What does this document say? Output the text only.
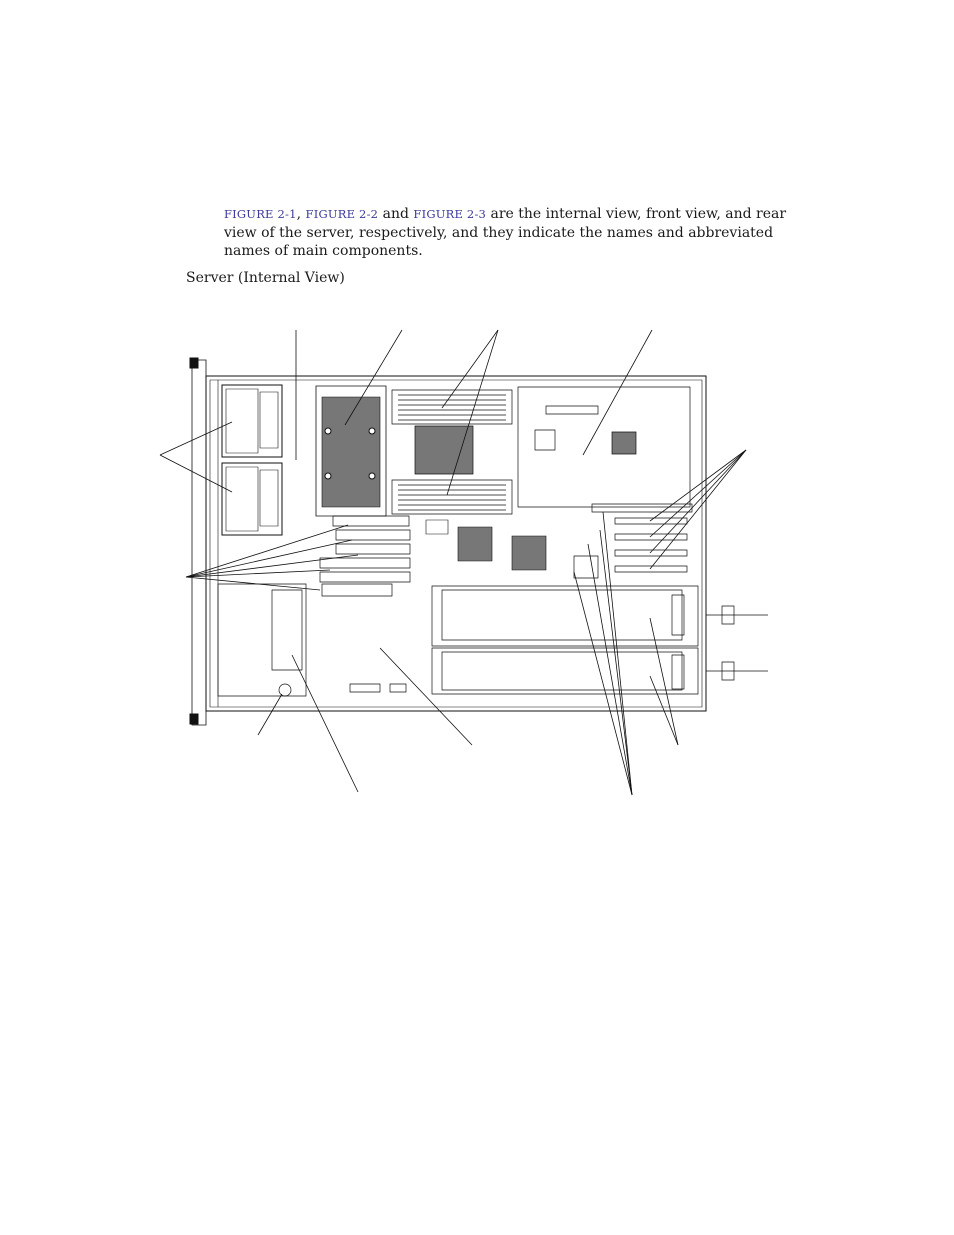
FIGURE 2-1, FIGURE 2-2 and FIGURE 2-3 are the internal view, front view, and rear view of the server, respectively, and they indicate the names and abbreviated names of main components.

Server (Internal View)
